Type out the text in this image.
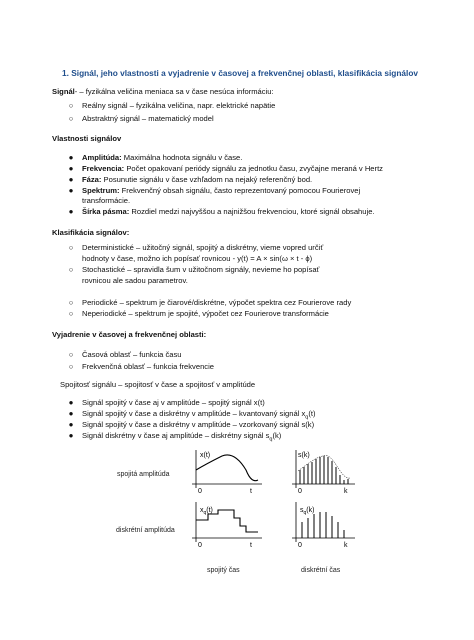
1. Signál, jeho vlastnosti a vyjadrenie v časovej a frekvenčnej oblasti, klasifikácia signálov
Signál- – fyzikálna veličina meniaca sa v čase nesúca informáciu:
○	Reálny signál – fyzikálna veličina, napr. elektrické napätie
○	Abstraktný signál – matematický model
Vlastnosti signálov
●	Amplitúda: Maximálna hodnota signálu v čase.
●	Frekvencia: Počet opakovaní periódy signálu za jednotku času, zvyčajne meraná v Hertz
●	Fáza: Posunutie signálu v čase vzhľadom na nejaký referenčný bod.
●	Spektrum: Frekvenčný obsah signálu, často reprezentovaný pomocou Fourierovej
transformácie.
●	Šírka pásma: Rozdiel medzi najvyššou a najnižšou frekvenciou, ktoré signál obsahuje.
Klasifikácia signálov:
○	Deterministické – užitočný signál, spojitý a diskrétny, vieme vopred určiť
hodnoty v čase, možno ich popísať rovnicou - y(t) = A × sin(ω × t - ϕ)
○	Stochastické – spravidla šum v užitočnom signály, nevieme ho popísať
rovnicou ale sadou parametrov.
○	Periodické – spektrum je čiarové/diskrétne, výpočet spektra cez Fourierove rady
○	Neperiodické – spektrum je spojité, výpočet cez Fourierove transformácie
Vyjadrenie v časovej a frekvenčnej oblasti:
○	Časová oblasť – funkcia času
○	Frekvenčná oblasť – funkcia frekvencie
Spojitosť signálu – spojitosť v čase a spojitosť v amplitúde
●	Signál spojitý v čase aj v amplitúde – spojitý signál x(t)
●	Signál spojitý v čase a diskrétny v amplitúde – kvantovaný signál $x_q(t)$
●	Signál spojitý v čase a diskrétny v amplitúde – vzorkovaný signál s(k)
●	Signál diskrétny v čase aj amplitúde – diskrétny signál $s_q(k)$
spojitá amplitúda
diskrétní amplitúda
x(t)
0	t
s(k)
0	k
$x_q(t)$
0	t
$s_q(k)$
0	k
spojitý čas	diskrétní čas
